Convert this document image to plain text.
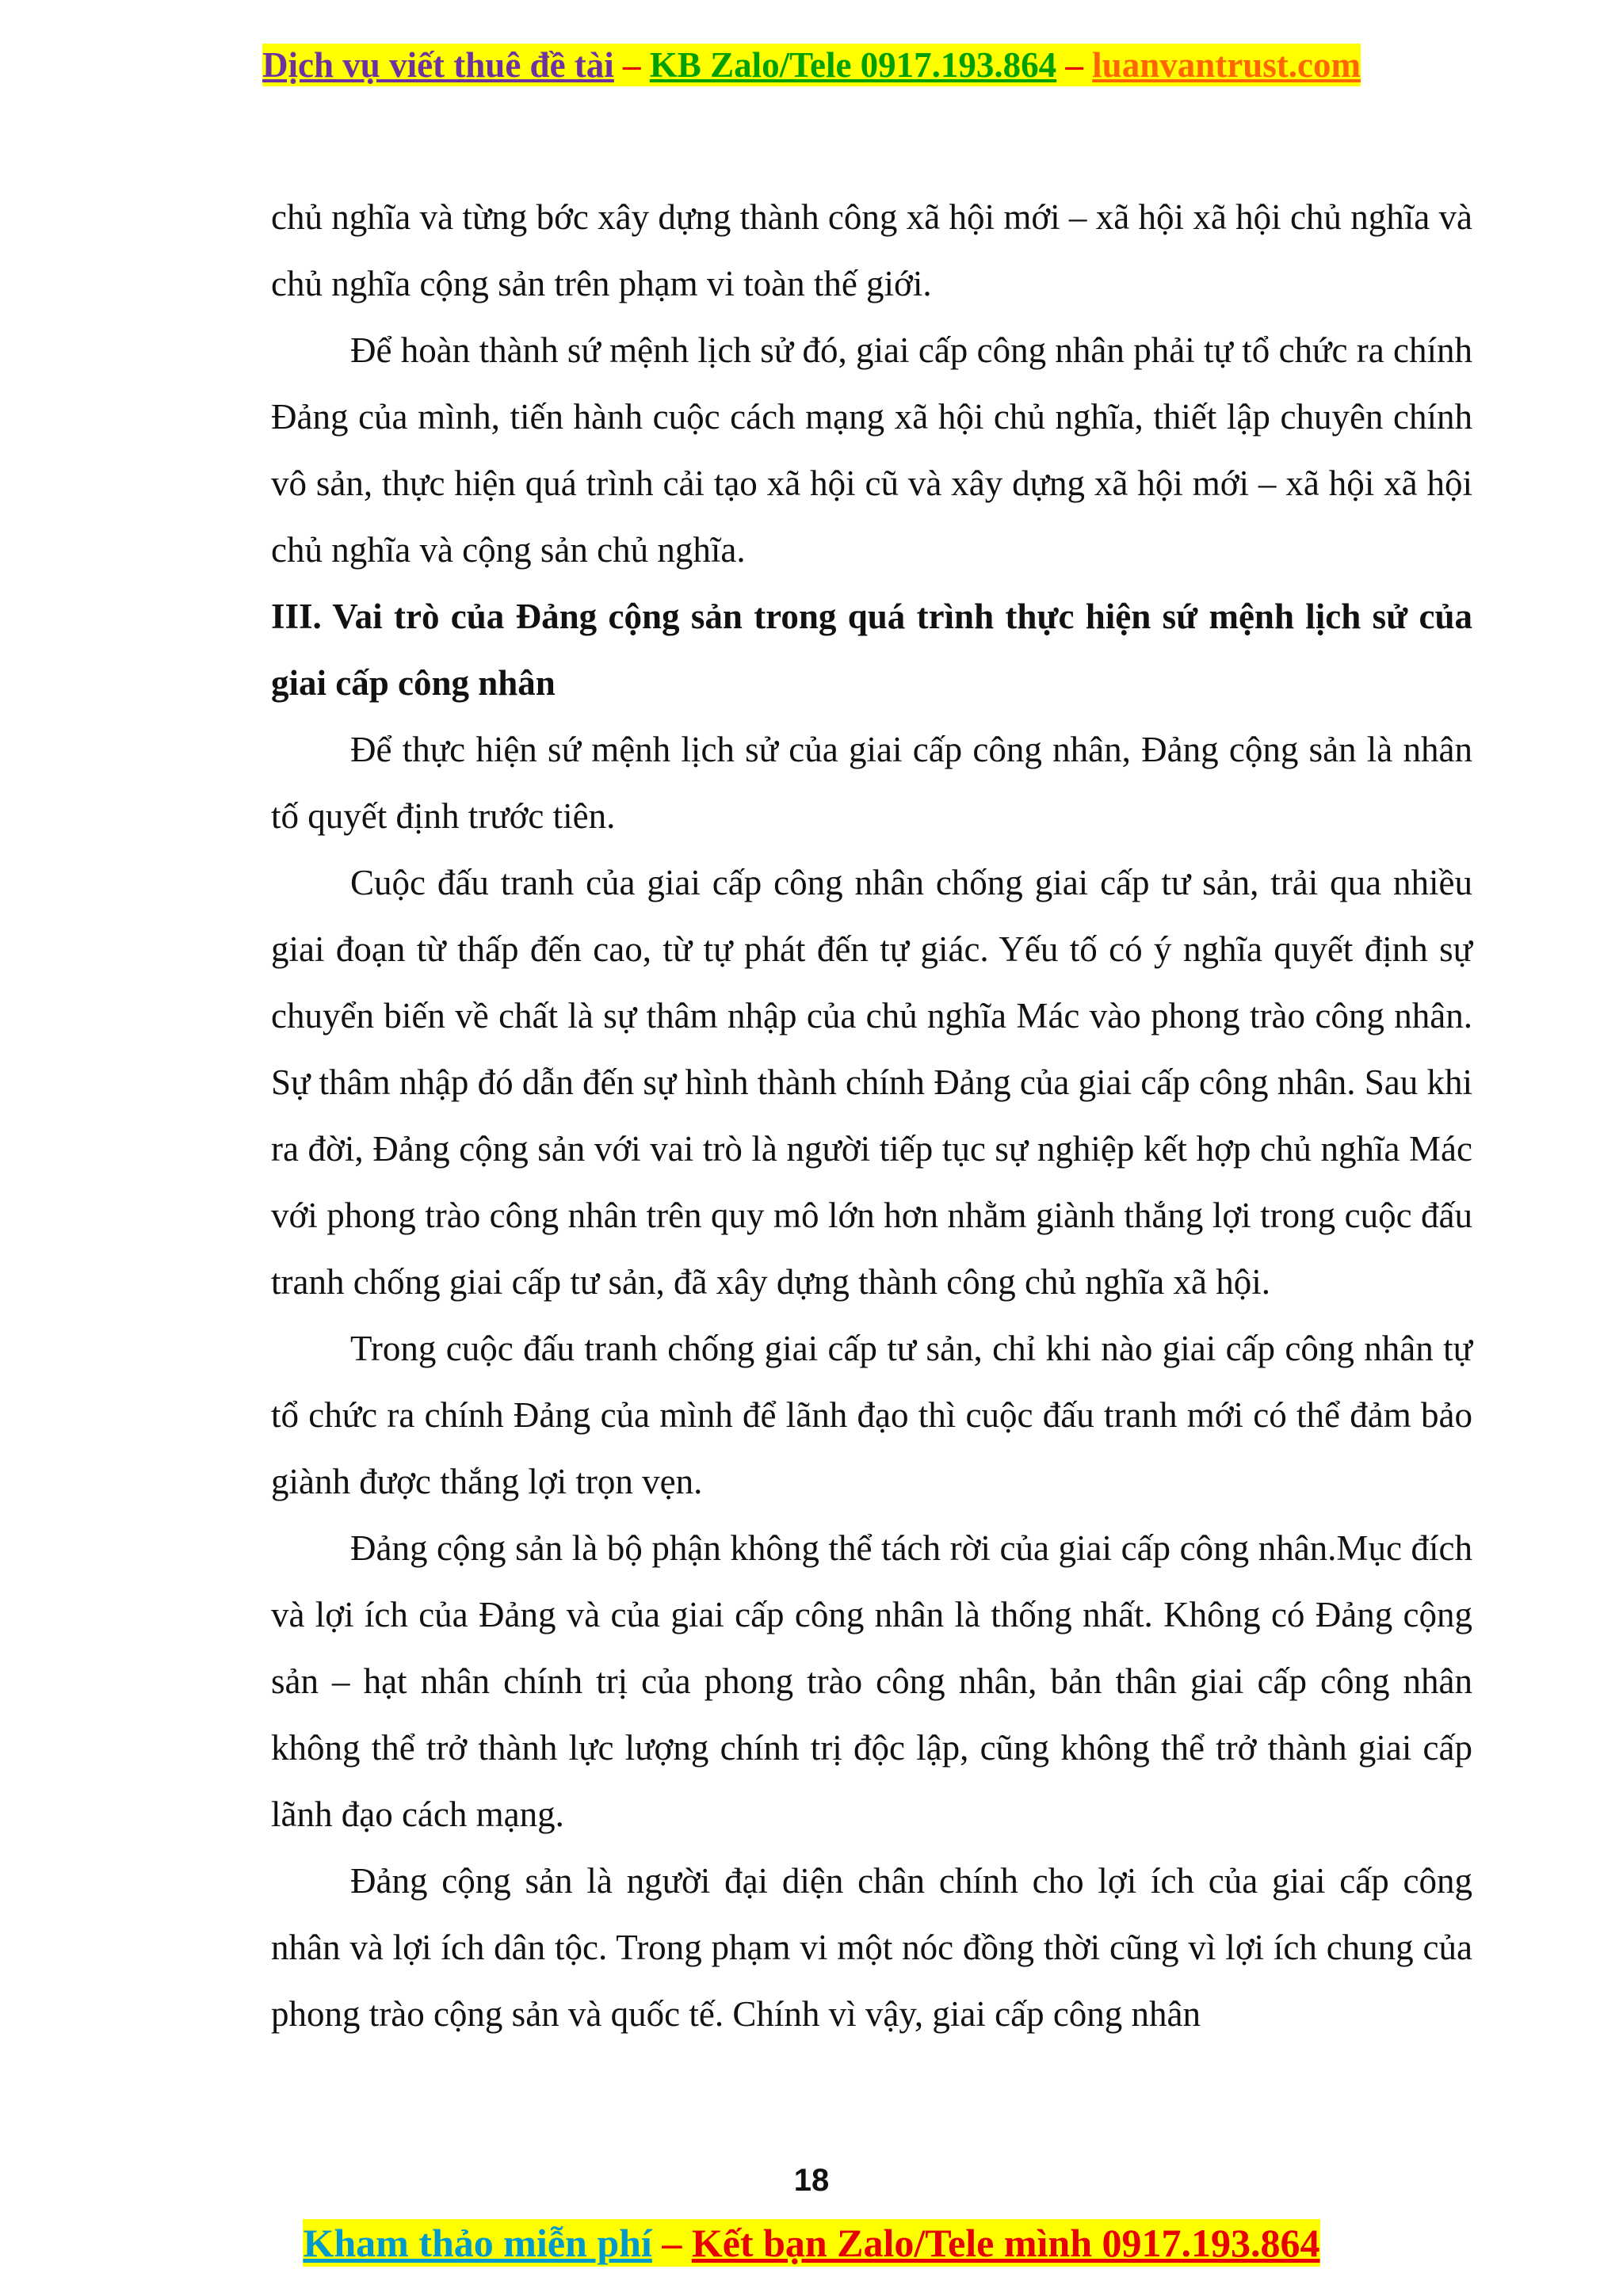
Dịch vụ viết thuê đề tài – KB Zalo/Tele 0917.193.864 – luanvantrust.com

chủ nghĩa và từng bớc xây dựng thành công xã hội mới – xã hội xã hội chủ nghĩa và chủ nghĩa cộng sản trên phạm vi toàn thế giới.

Để hoàn thành sứ mệnh lịch sử đó, giai cấp công nhân phải tự tổ chức ra chính Đảng của mình, tiến hành cuộc cách mạng xã hội chủ nghĩa, thiết lập chuyên chính vô sản, thực hiện quá trình cải tạo xã hội cũ và xây dựng xã hội mới – xã hội xã hội chủ nghĩa và cộng sản chủ nghĩa.

III. Vai trò của Đảng cộng sản trong quá trình thực hiện sứ mệnh lịch sử của giai cấp công nhân

Để thực hiện sứ mệnh lịch sử của giai cấp công nhân, Đảng cộng sản là nhân tố quyết định trước tiên.

Cuộc đấu tranh của giai cấp công nhân chống giai cấp tư sản, trải qua nhiều giai đoạn từ thấp đến cao, từ tự phát đến tự giác. Yếu tố có ý nghĩa quyết định sự chuyển biến về chất là sự thâm nhập của chủ nghĩa Mác vào phong trào công nhân. Sự thâm nhập đó dẫn đến sự hình thành chính Đảng của giai cấp công nhân. Sau khi ra đời, Đảng cộng sản với vai trò là người tiếp tục sự nghiệp kết hợp chủ nghĩa Mác với phong trào công nhân trên quy mô lớn hơn nhằm giành thắng lợi trong cuộc đấu tranh chống giai cấp tư sản, đã xây dựng thành công chủ nghĩa xã hội.

Trong cuộc đấu tranh chống giai cấp tư sản, chỉ khi nào giai cấp công nhân tự tổ chức ra chính Đảng của mình để lãnh đạo thì cuộc đấu tranh mới có thể đảm bảo giành được thắng lợi trọn vẹn.

Đảng cộng sản là bộ phận không thể tách rời của giai cấp công nhân.Mục đích và lợi ích của Đảng và của giai cấp công nhân là thống nhất. Không có Đảng cộng sản – hạt nhân chính trị của phong trào công nhân, bản thân giai cấp công nhân không thể trở thành lực lượng chính trị độc lập, cũng không thể trở thành giai cấp lãnh đạo cách mạng.

Đảng cộng sản là người đại diện chân chính cho lợi ích của giai cấp công nhân và lợi ích dân tộc. Trong phạm vi một nóc đồng thời cũng vì lợi ích chung của phong trào cộng sản và quốc tế. Chính vì vậy, giai cấp công nhân

18
Kham thảo miễn phí – Kết bạn Zalo/Tele mình 0917.193.864
